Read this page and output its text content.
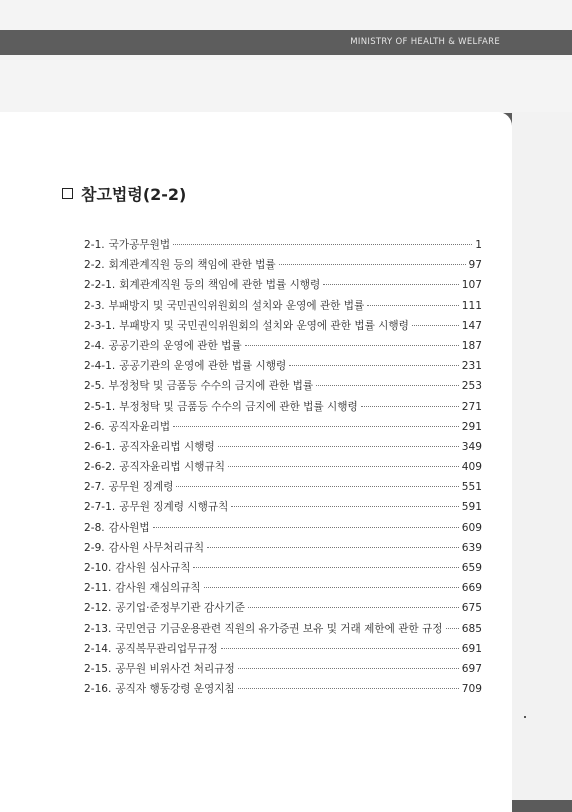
MINISTRY OF HEALTH & WELFARE
참고법령(2-2)
2-1. 국가공무원법	1
2-2. 회계관계직원 등의 책임에 관한 법률	97
2-2-1. 회계관계직원 등의 책임에 관한 법률 시행령	107
2-3. 부패방지 및 국민권익위원회의 설치와 운영에 관한 법률	111
2-3-1. 부패방지 및 국민권익위원회의 설치와 운영에 관한 법률 시행령	147
2-4. 공공기관의 운영에 관한 법률	187
2-4-1. 공공기관의 운영에 관한 법률 시행령	231
2-5. 부정청탁 및 금품등 수수의 금지에 관한 법률	253
2-5-1. 부정청탁 및 금품등 수수의 금지에 관한 법률 시행령	271
2-6. 공직자윤리법	291
2-6-1. 공직자윤리법 시행령	349
2-6-2. 공직자윤리법 시행규칙	409
2-7. 공무원 징계령	551
2-7-1. 공무원 징계령 시행규칙	591
2-8. 감사원법	609
2-9. 감사원 사무처리규칙	639
2-10. 감사원 심사규칙	659
2-11. 감사원 재심의규칙	669
2-12. 공기업·준정부기관 감사기준	675
2-13. 국민연금 기금운용관련 직원의 유가증권 보유 및 거래 제한에 관한 규정 685
2-14. 공직복무관리업무규정	691
2-15. 공무원 비위사건 처리규정	697
2-16. 공직자 행동강령 운영지침	709
